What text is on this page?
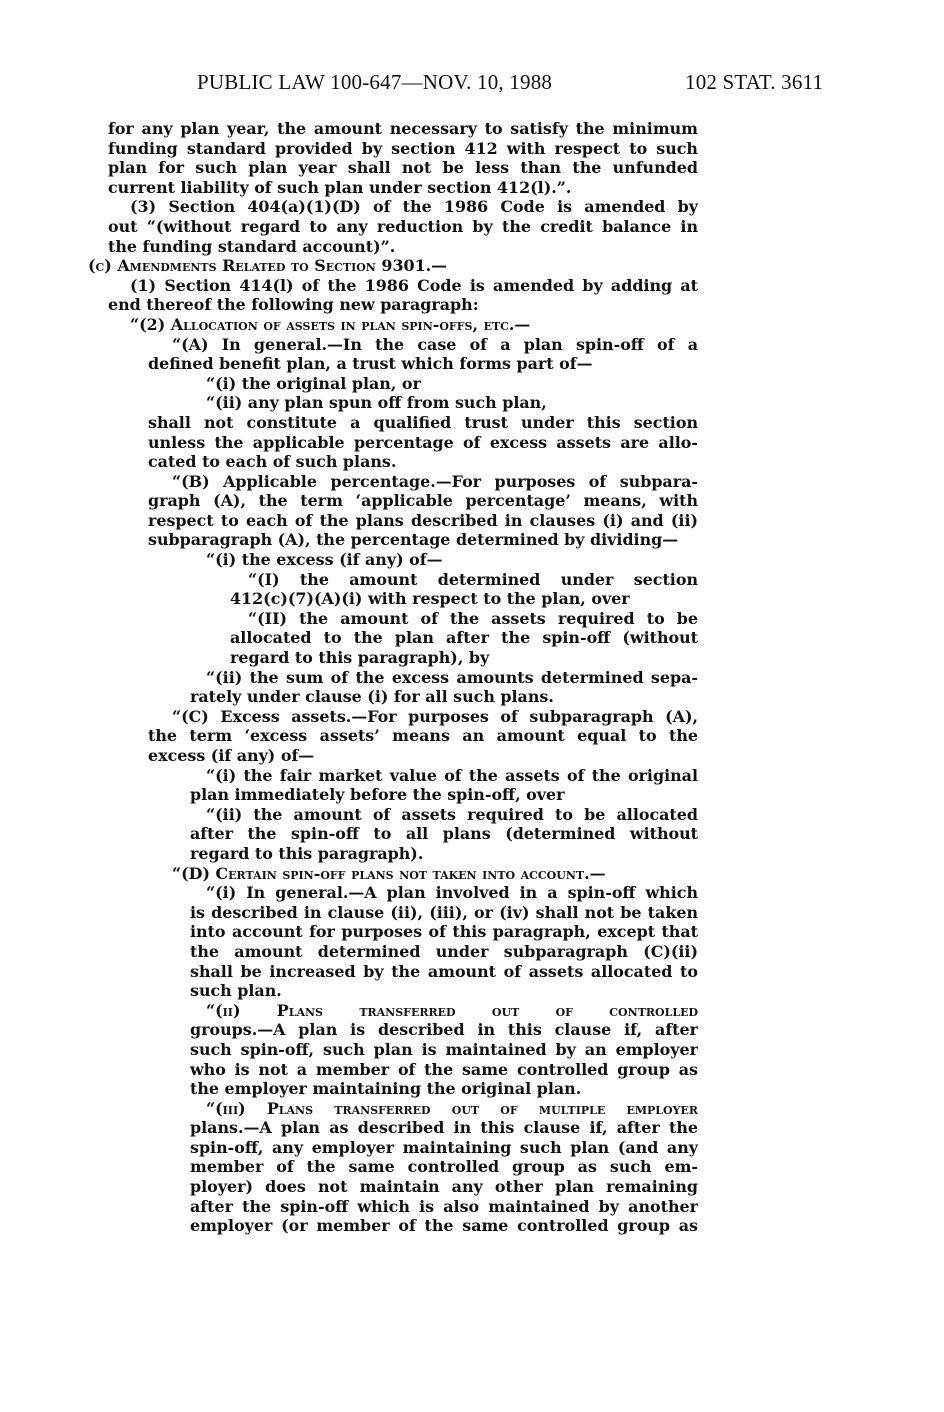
PUBLIC LAW 100-647—NOV. 10, 1988	102 STAT. 3611
for any plan year, the amount necessary to satisfy the minimum
funding standard provided by section 412 with respect to such
plan for such plan year shall not be less than the unfunded
current liability of such plan under section 412(l).”.
(3) Section 404(a)(1)(D) of the 1986 Code is amended by
out “(without regard to any reduction by the credit balance in
the funding standard account)”.
(c) Amendments Related to Section 9301.—
(1) Section 414(l) of the 1986 Code is amended by adding at
end thereof the following new paragraph:
“(2) Allocation of assets in plan spin-offs, etc.—
“(A) In general.—In the case of a plan spin-off of a
defined benefit plan, a trust which forms part of—
“(i) the original plan, or
“(ii) any plan spun off from such plan,
shall not constitute a qualified trust under this section
unless the applicable percentage of excess assets are allo-
cated to each of such plans.
“(B) Applicable percentage.—For purposes of subpara-
graph (A), the term ‘applicable percentage’ means, with
respect to each of the plans described in clauses (i) and (ii)
subparagraph (A), the percentage determined by dividing—
“(i) the excess (if any) of—
“(I) the amount determined under section
412(c)(7)(A)(i) with respect to the plan, over
“(II) the amount of the assets required to be
allocated to the plan after the spin-off (without
regard to this paragraph), by
“(ii) the sum of the excess amounts determined sepa-
rately under clause (i) for all such plans.
“(C) Excess assets.—For purposes of subparagraph (A),
the term ‘excess assets’ means an amount equal to the
excess (if any) of—
“(i) the fair market value of the assets of the original
plan immediately before the spin-off, over
“(ii) the amount of assets required to be allocated
after the spin-off to all plans (determined without
regard to this paragraph).
“(D) Certain spin-off plans not taken into account.—
“(i) In general.—A plan involved in a spin-off which
is described in clause (ii), (iii), or (iv) shall not be taken
into account for purposes of this paragraph, except that
the amount determined under subparagraph (C)(ii)
shall be increased by the amount of assets allocated to
such plan.
“(ii) Plans transferred out of controlled
groups.—A plan is described in this clause if, after
such spin-off, such plan is maintained by an employer
who is not a member of the same controlled group as
the employer maintaining the original plan.
“(iii) Plans transferred out of multiple employer
plans.—A plan as described in this clause if, after the
spin-off, any employer maintaining such plan (and any
member of the same controlled group as such em-
ployer) does not maintain any other plan remaining
after the spin-off which is also maintained by another
employer (or member of the same controlled group as
